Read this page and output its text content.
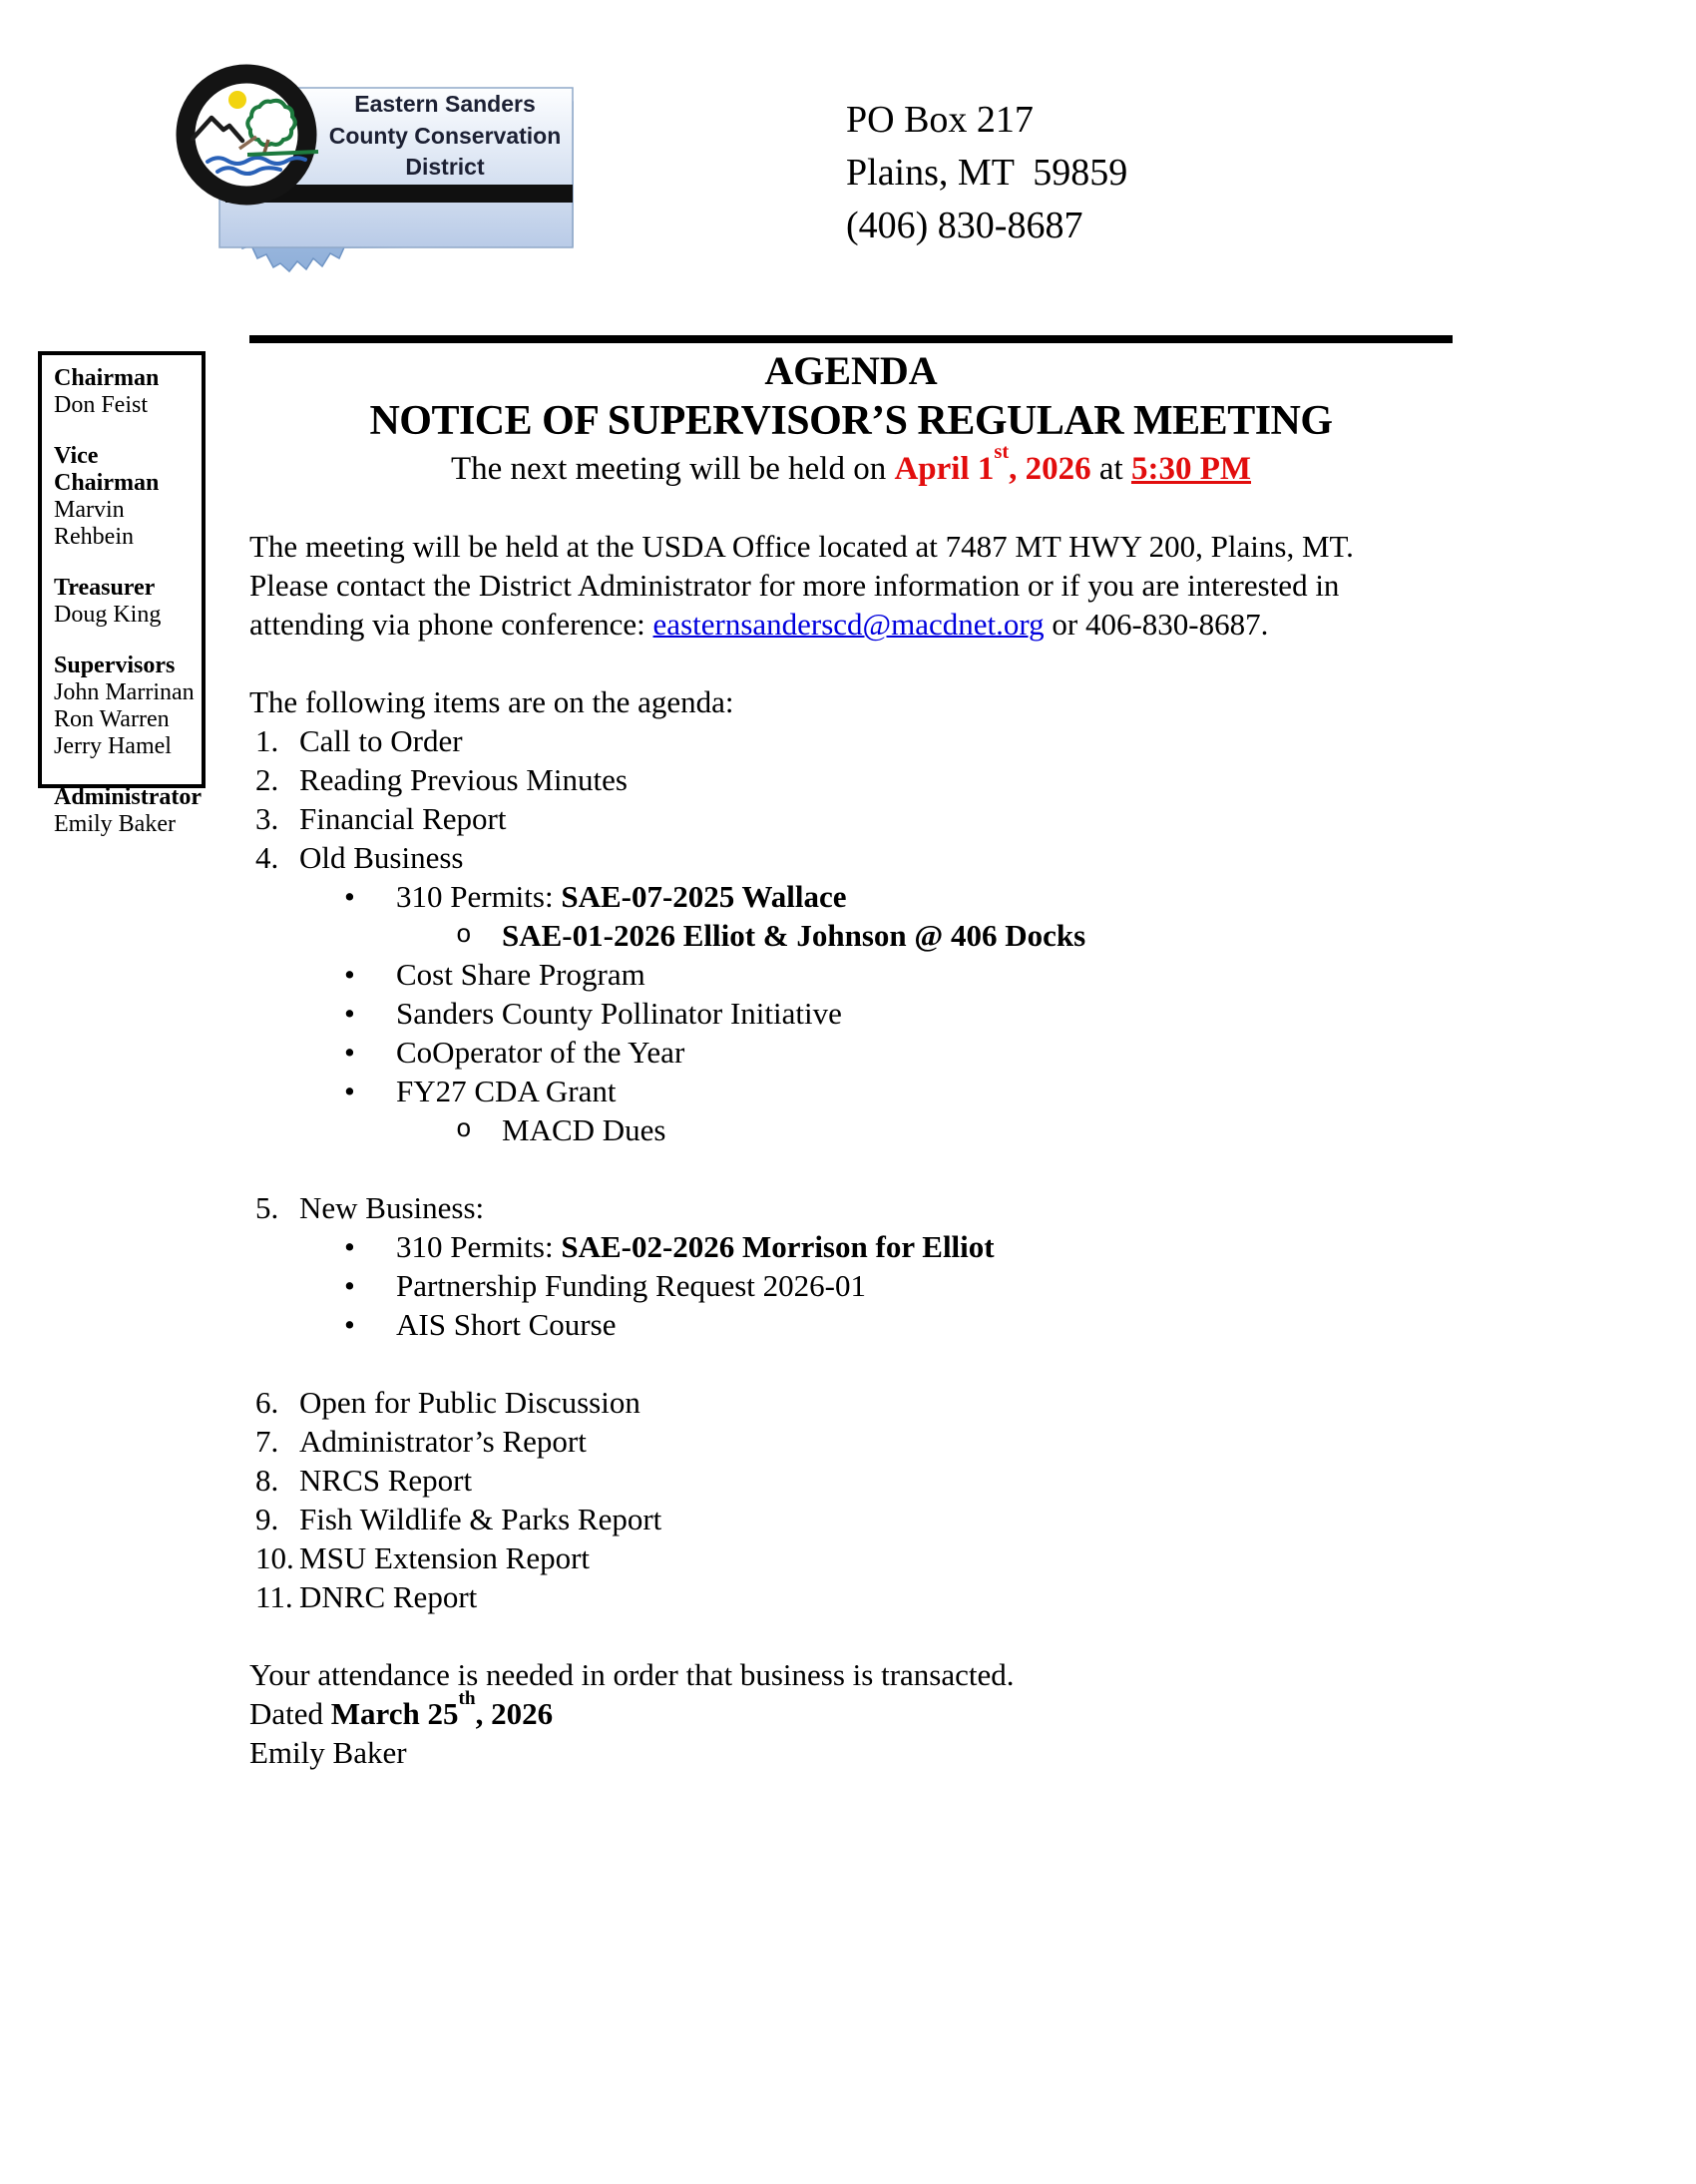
Eastern Sanders
County Conservation
District
PO Box 217
Plains, MT  59859
(406) 830-8687
Chairman
Don Feist
Vice Chairman
Marvin Rehbein
Treasurer
Doug King
Supervisors
John Marrinan
Ron Warren
Jerry Hamel
Administrator
Emily Baker
AGENDA
NOTICE OF SUPERVISOR’S REGULAR MEETING
The next meeting will be held on April 1st, 2026 at 5:30 PM
The meeting will be held at the USDA Office located at 7487 MT HWY 200, Plains, MT.
Please contact the District Administrator for more information or if you are interested in
attending via phone conference: easternsanderscd@macdnet.org or 406-830-8687.
The following items are on the agenda:
1. Call to Order
2. Reading Previous Minutes
3. Financial Report
4. Old Business
• 310 Permits: SAE-07-2025 Wallace
o SAE-01-2026 Elliot & Johnson @ 406 Docks
• Cost Share Program
• Sanders County Pollinator Initiative
• CoOperator of the Year
• FY27 CDA Grant
o MACD Dues
5. New Business:
• 310 Permits: SAE-02-2026 Morrison for Elliot
• Partnership Funding Request 2026-01
• AIS Short Course
6. Open for Public Discussion
7. Administrator’s Report
8. NRCS Report
9. Fish Wildlife & Parks Report
10. MSU Extension Report
11. DNRC Report
Your attendance is needed in order that business is transacted.
Dated March 25th, 2026
Emily Baker
